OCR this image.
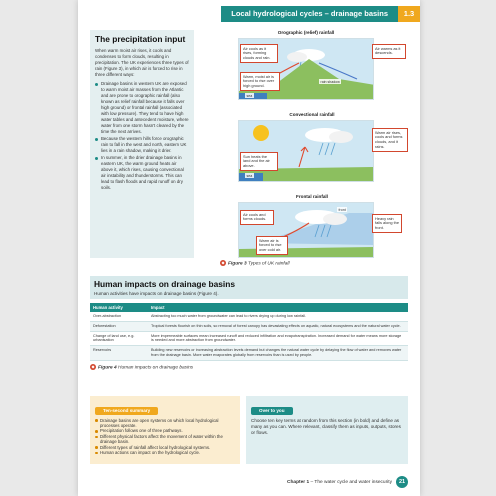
Local hydrological cycles – drainage basins	1.3
The precipitation input

When warm moist air rises, it cools and condenses to form clouds, resulting in precipitation. The UK experiences three types of rain (Figure 3), in which air is forced to rise in three different ways:

Drainage basins in western UK are exposed to warm moist air masses from the Atlantic and are prone to orographic rainfall (also known as relief rainfall because it falls over high ground) or frontal rainfall (associated with low pressure). They tend to have high water tables and antecedent moisture, where water from one storm hasn't cleared by the time the next arrives.
Because the western hills force orographic rain to fall in the west and north, eastern UK lies in a rain shadow, making it drier.
In summer, in the drier drainage basins in eastern UK, the warm ground heats air above it, which rises, causing convectional air instability and thunderstorms. This can lead to flash floods and rapid runoff on dry soils.
Orographic (relief) rainfall
rain shadow
sea
Air cools as it rises, forming clouds and rain.
Air warms as it descends.
Warm, moist air is forced to rise over high ground.
Convectional rainfall
sea
Sun heats the land and the air above.
Warm air rises, cools and forms clouds, and it rains.
Frontal rainfall
front
Air cools and forms clouds.	Heavy rain falls along the front.
Warm air is forced to rise over cold air.
◆ Figure 3 Types of UK rainfall
Human impacts on drainage basins
Human activities have impacts on drainage basins (Figure 4).
Human activity	Impact
Over-abstraction	Abstracting too much water from groundwater can lead to rivers drying up during low rainfall.
Deforestation	Tropical forests flourish on thin soils, so removal of forest canopy has devastating effects on aquatic, natural ecosystems and the natural water cycle.
Change of land use, e.g. urbanisation	More impermeable surfaces mean increased runoff and reduced infiltration and evapotranspiration. Increased demand for water means more storage is needed and more abstraction from groundwater.
Reservoirs	Building new reservoirs or increasing abstraction levels demand but changes the natural water cycle by delaying the flow of water and removes water from the drainage basin. More water evaporates globally from reservoirs than is used by people.
◆ Figure 4 Human impacts on drainage basins
Ten-second summary
Drainage basins are open systems on which local hydrological processes operate.
Precipitation follows one of three pathways.
Different physical factors affect the movement of water within the drainage basin.
Different types of rainfall affect local hydrological systems.
Human actions can impact on the hydrological cycle.
Over to you

Choose ten key terms at random from this section (in bold) and define as many as you can. Where relevant, classify them as inputs, outputs, stores or flows.

Chapter 1 – The water cycle and water insecurity	21
